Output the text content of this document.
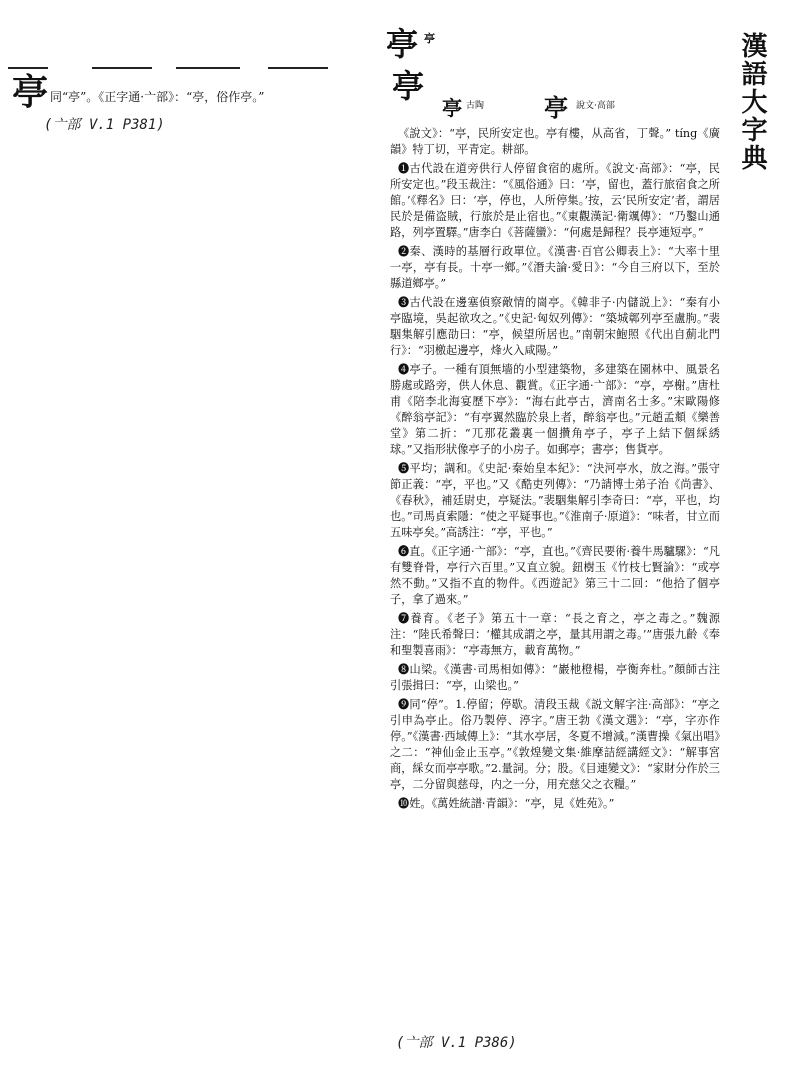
亭 同“亭”。《正字通·亠部》：“亭，俗作亭。”
(亠部 V.1 P381)	漢語大字典
亭 亭
亭
亭 古陶 亭 說文·高部

《說文》：“亭，民所安定也。亭有樓，从高省，丁聲。” tíng《廣韻》特丁切，平青定。耕部。

❶古代設在道旁供行人停留食宿的處所。《說文·高部》：“亭，民所安定也。”段玉裁注：“《風俗通》曰：‘亭，留也，蓋行旅宿食之所館。’《釋名》曰：‘亭，停也，人所停集。’按，云‘民所安定’者，謂居民於是備盗賊，行旅於是止宿也。”《東觀漢記·衛颯傳》：“乃鑿山通路，列亭置驛。”唐李白《菩薩蠻》：“何處是歸程？長亭連短亭。”

❷秦、漢時的基層行政單位。《漢書·百官公卿表上》：“大率十里一亭，亭有長。十亭一鄉。”《潛夫論·愛日》：“今自三府以下，至於縣道鄉亭。”

❸古代設在邊塞偵察敵情的崗亭。《韓非子·内儲説上》：“秦有小亭臨境，吳起欲攻之。”《史記·匈奴列傳》：“築城鄣列亭至盧朐。”裴駰集解引應劭曰：“亭，候望所居也。”南朝宋鮑照《代出自薊北門行》：“羽檄起邊亭，烽火入咸陽。”

❹亭子。一種有頂無墻的小型建築物，多建築在園林中、風景名勝處或路旁，供人休息、觀賞。《正字通·亠部》：“亭，亭榭。”唐杜甫《陪李北海宴歷下亭》：“海右此亭古，濟南名士多。”宋歐陽修《醉翁亭記》：“有亭翼然臨於泉上者，醉翁亭也。”元趙孟頫《樂善堂》第二折：“兀那花叢裏一個攢角亭子，亭子上結下個綵綉球。”又指形狀像亭子的小房子。如郵亭；書亭；售貨亭。

❺平均；調和。《史記·秦始皇本紀》：“決河亭水，放之海。”張守節正義：“亭，平也。”又《酷吏列傳》：“乃請博士弟子治《尚書》、《春秋》，補廷尉史，亭疑法。”裴駰集解引李奇曰：“亭，平也，均也。”司馬貞索隱：“使之平疑事也。”《淮南子·原道》：“味者，甘立而五味亭矣。”高誘注：“亭，平也。”

❻直。《正字通·亠部》：“亭，直也。”《齊民要術·養牛馬驢騾》：“凡有雙脊骨，亭行六百里。”又直立貌。鈕樹玉《竹枝七賢論》：“或亭然不動。”又指不直的物件。《西遊記》第三十二回：“他拾了個亭子，拿了過來。”

❼養育。《老子》第五十一章：“長之育之，亭之毒之。”魏源注：“陸氏希聲曰：‘權其成謂之亭，量其用謂之毒。’”唐張九齡《奉和聖製喜雨》：“亭毒無方，載育萬物。”

❽山梁。《漢書·司馬相如傳》：“巖杝橙楊，亭衡奔杜。”顏師古注引張揖曰：“亭，山梁也。”

❾同“停”。1.停留；停歇。清段玉裁《説文解字注·高部》：“亭之引申為亭止。俗乃製停、渟字。”唐王勃《漢文選》：“亭，字亦作停。”《漢書·西域傳上》：“其水亭居，冬夏不增減。”漢曹操《氣出唱》之二：“神仙金止玉亭。”《敦煌變文集·維摩詰經講經文》：“解事宮商，綵女而亭亭歌。”2.量詞。分；股。《目連變文》：“家財分作於三亭，二分留與慈母，内之一分，用充慈父之衣糧。”

❿姓。《萬姓統譜·青韻》：“亭，見《姓苑》。”

(亠部 V.1 P386)
